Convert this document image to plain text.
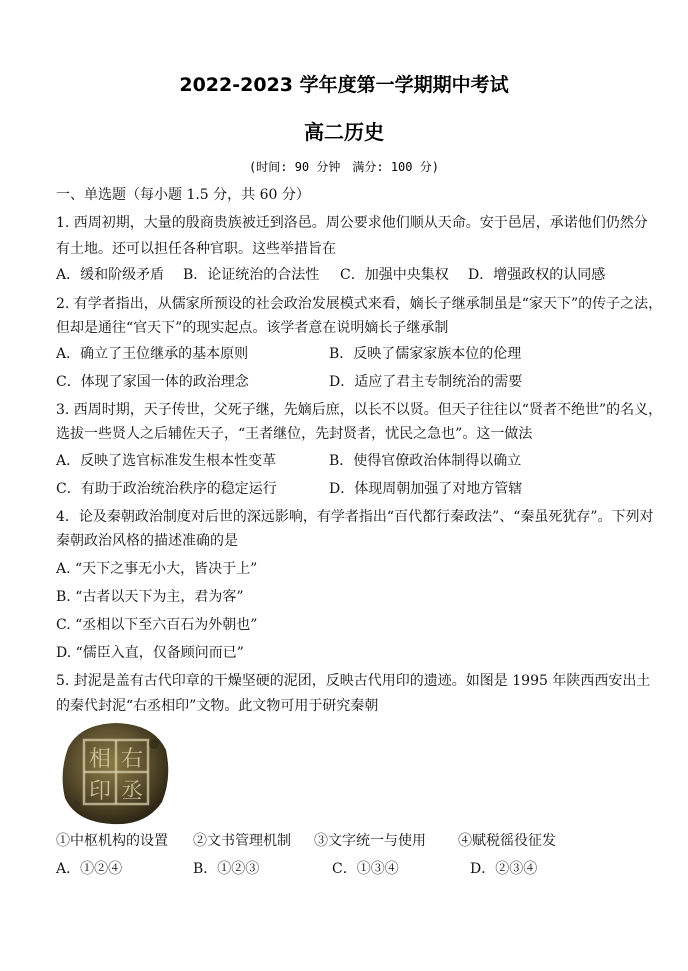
2022-2023 学年度第一学期期中考试
高二历史
(时间: 90 分钟　满分: 100 分)
一、单选题（每小题 1.5 分，共 60 分）
1. 西周初期，大量的殷商贵族被迁到洛邑。周公要求他们顺从天命。安于邑居，承诺他们仍然分
有土地。还可以担任各种官职。这些举措旨在
A．缓和阶级矛盾 B．论证统治的合法性 C．加强中央集权 D．增强政权的认同感
2. 有学者指出，从儒家所预设的社会政治发展模式来看，嫡长子继承制虽是“家天下”的传子之法，
但却是通往“官天下”的现实起点。该学者意在说明嫡长子继承制
A．确立了王位继承的基本原则	B．反映了儒家家族本位的伦理
C．体现了家国一体的政治理念	D．适应了君主专制统治的需要
3. 西周时期，天子传世，父死子继，先嫡后庶，以长不以贤。但天子往往以“贤者不绝世”的名义，
选拔一些贤人之后辅佐天子，“王者继位，先封贤者，忧民之急也”。这一做法
A．反映了选官标准发生根本性变革	B．使得官僚政治体制得以确立
C．有助于政治统治秩序的稳定运行	D．体现周朝加强了对地方管辖
4．论及秦朝政治制度对后世的深远影响，有学者指出“百代都行秦政法”、“秦虽死犹存”。下列对
秦朝政治风格的描述准确的是
A. “天下之事无小大，皆决于上”
B. “古者以天下为主，君为客”
C. “丞相以下至六百石为外朝也”
D. “儒臣入直，仅备顾问而已”
5. 封泥是盖有古代印章的干燥坚硬的泥团，反映古代用印的遗迹。如图是 1995 年陕西西安出土
的秦代封泥“右丞相印”文物。此文物可用于研究秦朝
右
丞
相
印
①中枢机构的设置 ②文书管理机制 ③文字统一与使用 ④赋税徭役征发
A．①②④	B．①②③	C．①③④	D．②③④
